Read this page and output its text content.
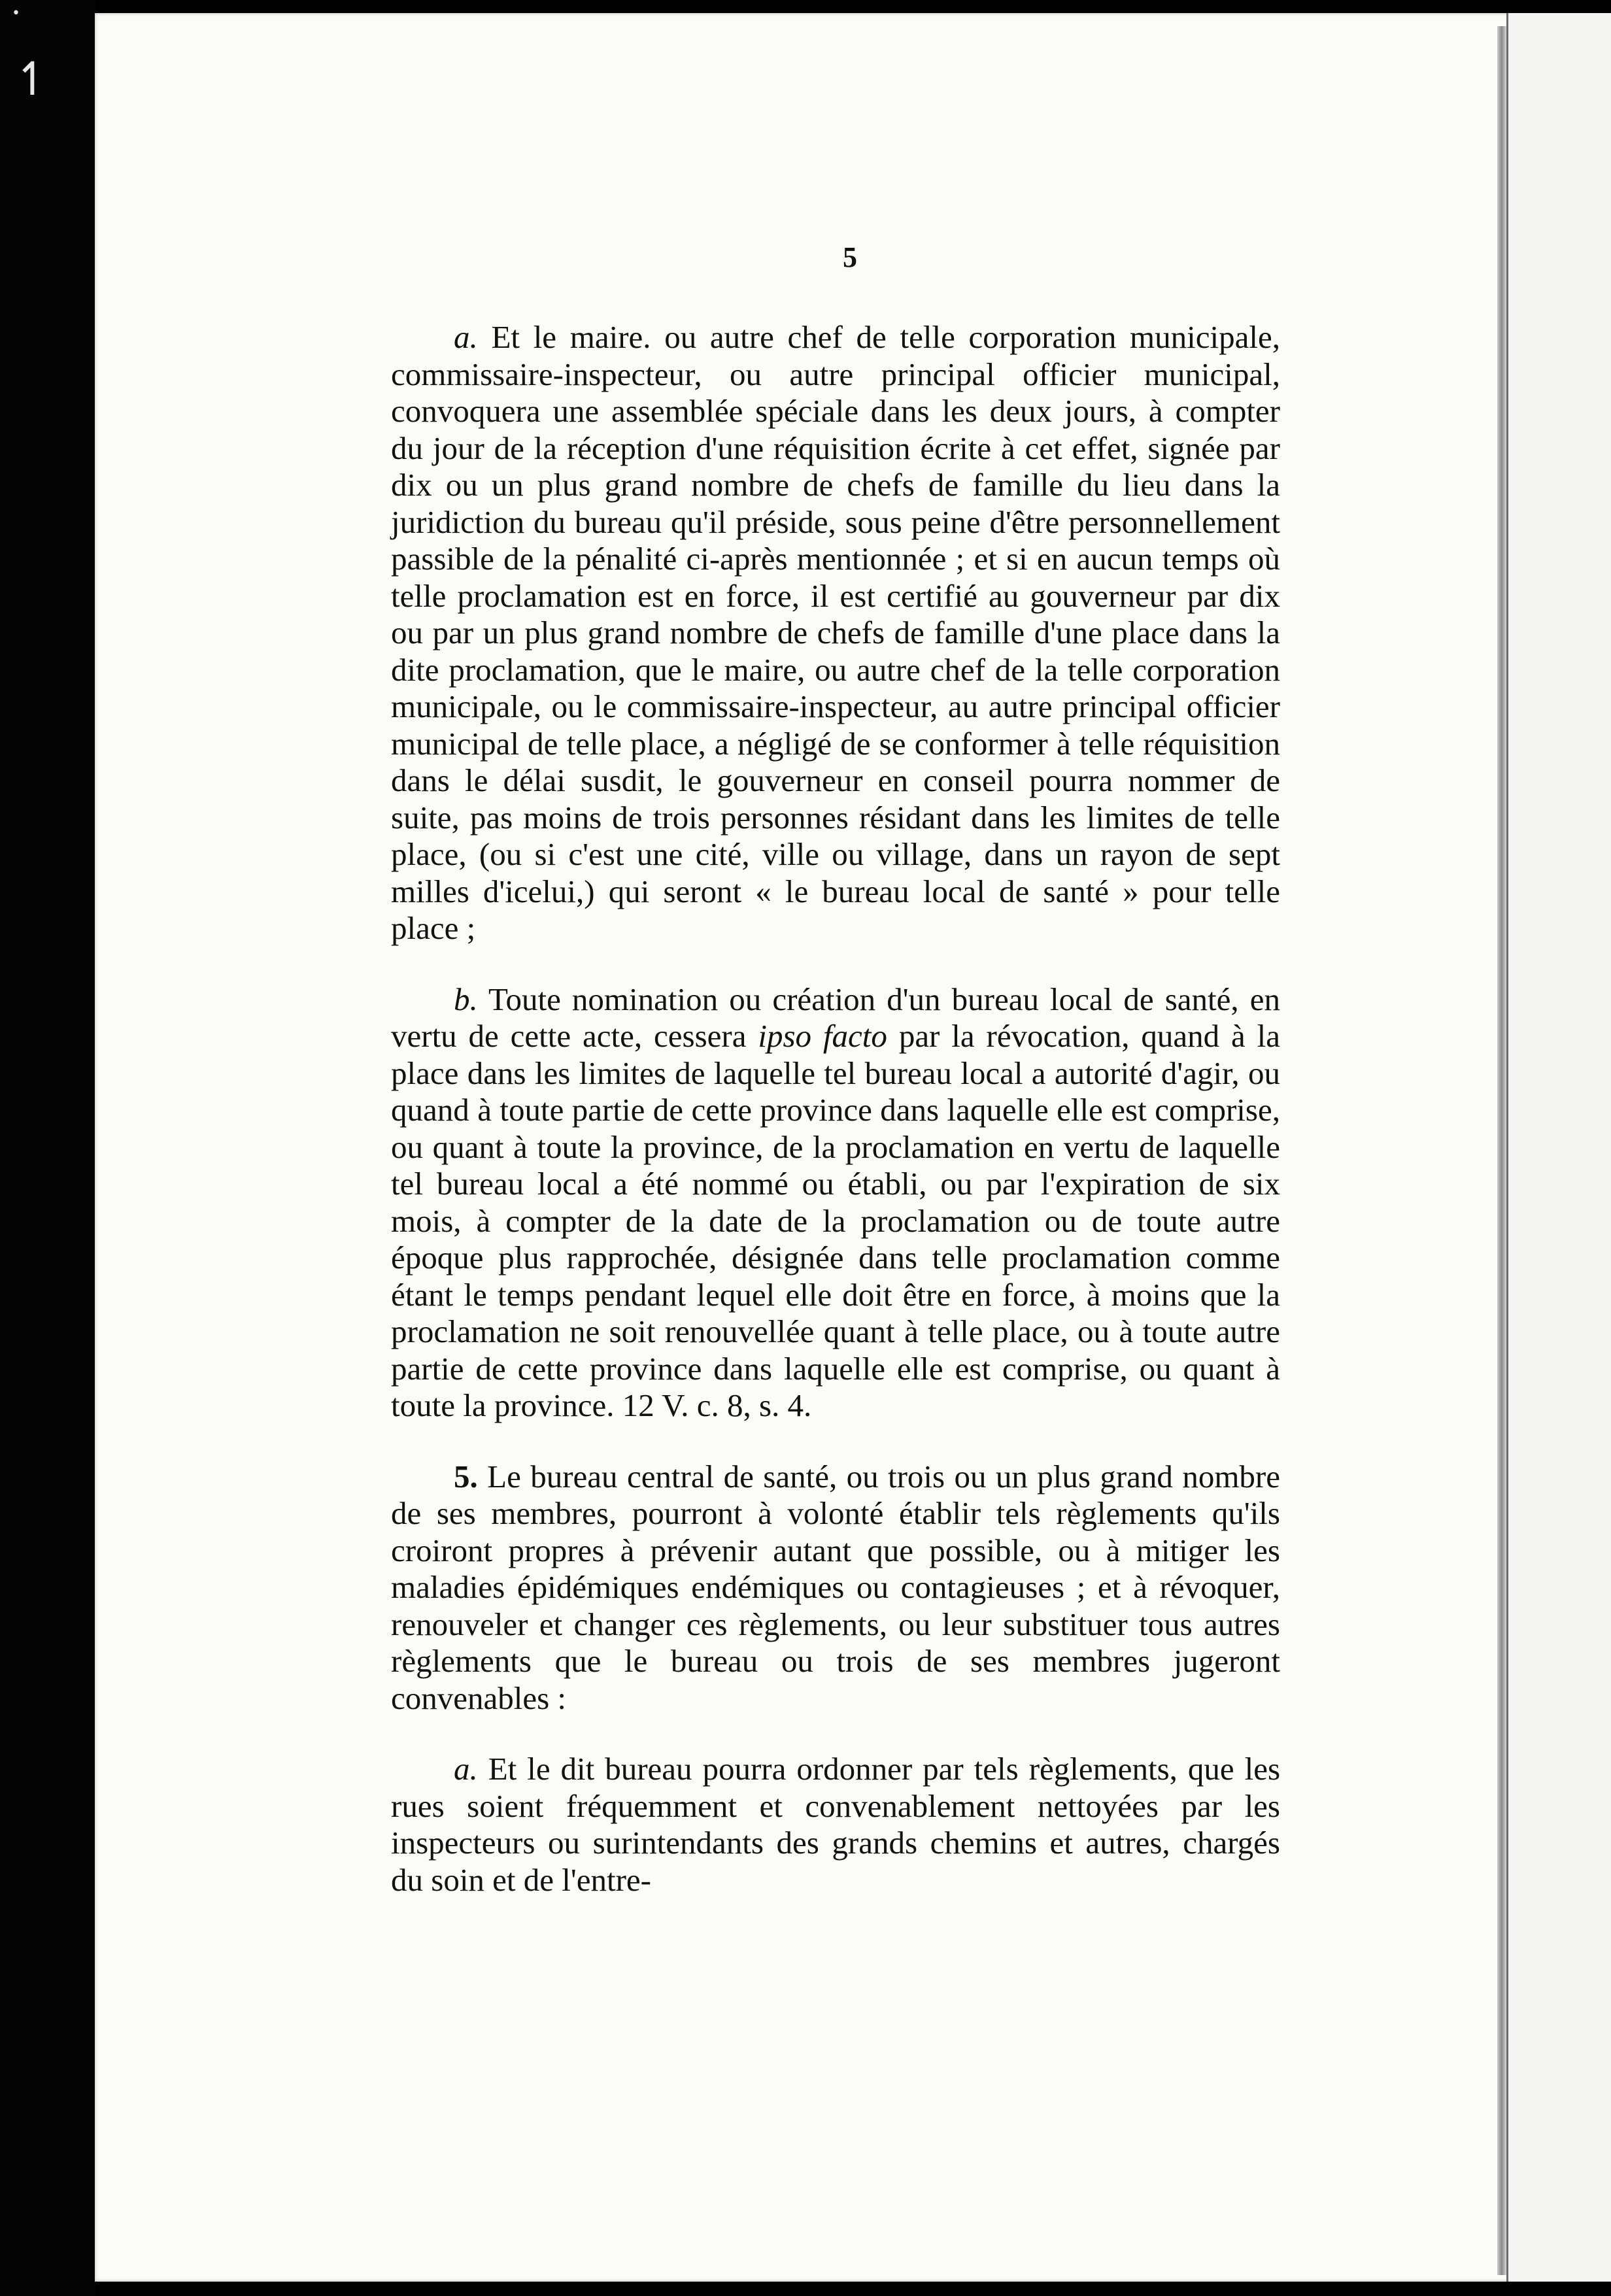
•
↿
5

a. Et le maire. ou autre chef de telle corporation municipale, commissaire-inspecteur, ou autre principal officier municipal, convoquera une assemblée spéciale dans les deux jours, à compter du jour de la réception d'une réquisition écrite à cet effet, signée par dix ou un plus grand nombre de chefs de famille du lieu dans la juridiction du bureau qu'il préside, sous peine d'être personnellement passible de la pénalité ci-après mentionnée ; et si en aucun temps où telle proclamation est en force, il est certifié au gouverneur par dix ou par un plus grand nombre de chefs de famille d'une place dans la dite proclamation, que le maire, ou autre chef de la telle corporation municipale, ou le commissaire-inspecteur, au autre principal officier municipal de telle place, a négligé de se conformer à telle réquisition dans le délai susdit, le gouverneur en conseil pourra nommer de suite, pas moins de trois personnes résidant dans les limites de telle place, (ou si c'est une cité, ville ou village, dans un rayon de sept milles d'icelui,) qui seront « le bureau local de santé » pour telle place ;

b. Toute nomination ou création d'un bureau local de santé, en vertu de cette acte, cessera ipso facto par la révocation, quand à la place dans les limites de laquelle tel bureau local a autorité d'agir, ou quand à toute partie de cette province dans laquelle elle est comprise, ou quant à toute la province, de la proclamation en vertu de laquelle tel bureau local a été nommé ou établi, ou par l'expiration de six mois, à compter de la date de la proclamation ou de toute autre époque plus rapprochée, désignée dans telle proclamation comme étant le temps pendant lequel elle doit être en force, à moins que la proclamation ne soit renouvellée quant à telle place, ou à toute autre partie de cette province dans laquelle elle est comprise, ou quant à toute la province. 12 V. c. 8, s. 4.

5. Le bureau central de santé, ou trois ou un plus grand nombre de ses membres, pourront à volonté établir tels règlements qu'ils croiront propres à prévenir autant que possible, ou à mitiger les maladies épidémiques endémiques ou contagieuses ; et à révoquer, renouveler et changer ces règlements, ou leur substituer tous autres règlements que le bureau ou trois de ses membres jugeront convenables :

a. Et le dit bureau pourra ordonner par tels règlements, que les rues soient fréquemment et convenablement nettoyées par les inspecteurs ou surintendants des grands chemins et autres, chargés du soin et de l'entre-
